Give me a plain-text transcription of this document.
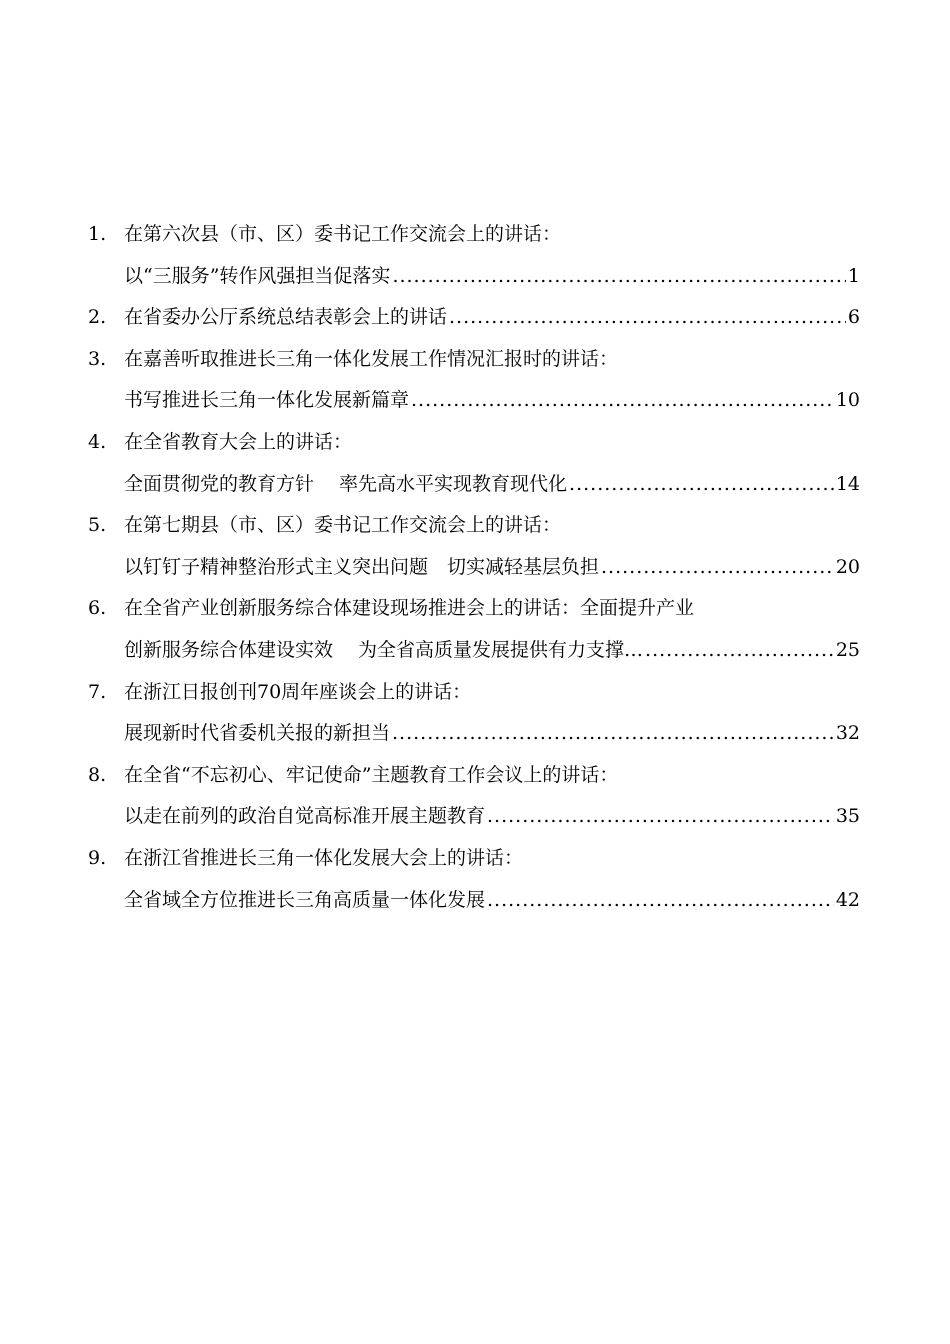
1. 在第六次县（市、区）委书记工作交流会上的讲话：
以“三服务”转作风强担当促落实 .....	1
2. 在省委办公厅系统总结表彰会上的讲话 .....	6
3. 在嘉善听取推进长三角一体化发展工作情况汇报时的讲话：
书写推进长三角一体化发展新篇章 .....	10
4. 在全省教育大会上的讲话：
全面贯彻党的教育方针　 率先高水平实现教育现代化 .....	14
5. 在第七期县（市、区）委书记工作交流会上的讲话：
以钉钉子精神整治形式主义突出问题　切实减轻基层负担 .....	20
6. 在全省产业创新服务综合体建设现场推进会上的讲话：全面提升产业
创新服务综合体建设实效　 为全省高质量发展提供有力支撑… .....	25
7. 在浙江日报创刊70周年座谈会上的讲话：
展现新时代省委机关报的新担当 .....	32
8. 在全省“不忘初心、牢记使命”主题教育工作会议上的讲话：
以走在前列的政治自觉高标准开展主题教育 .....	35
9. 在浙江省推进长三角一体化发展大会上的讲话：
全省域全方位推进长三角高质量一体化发展 .....	42
